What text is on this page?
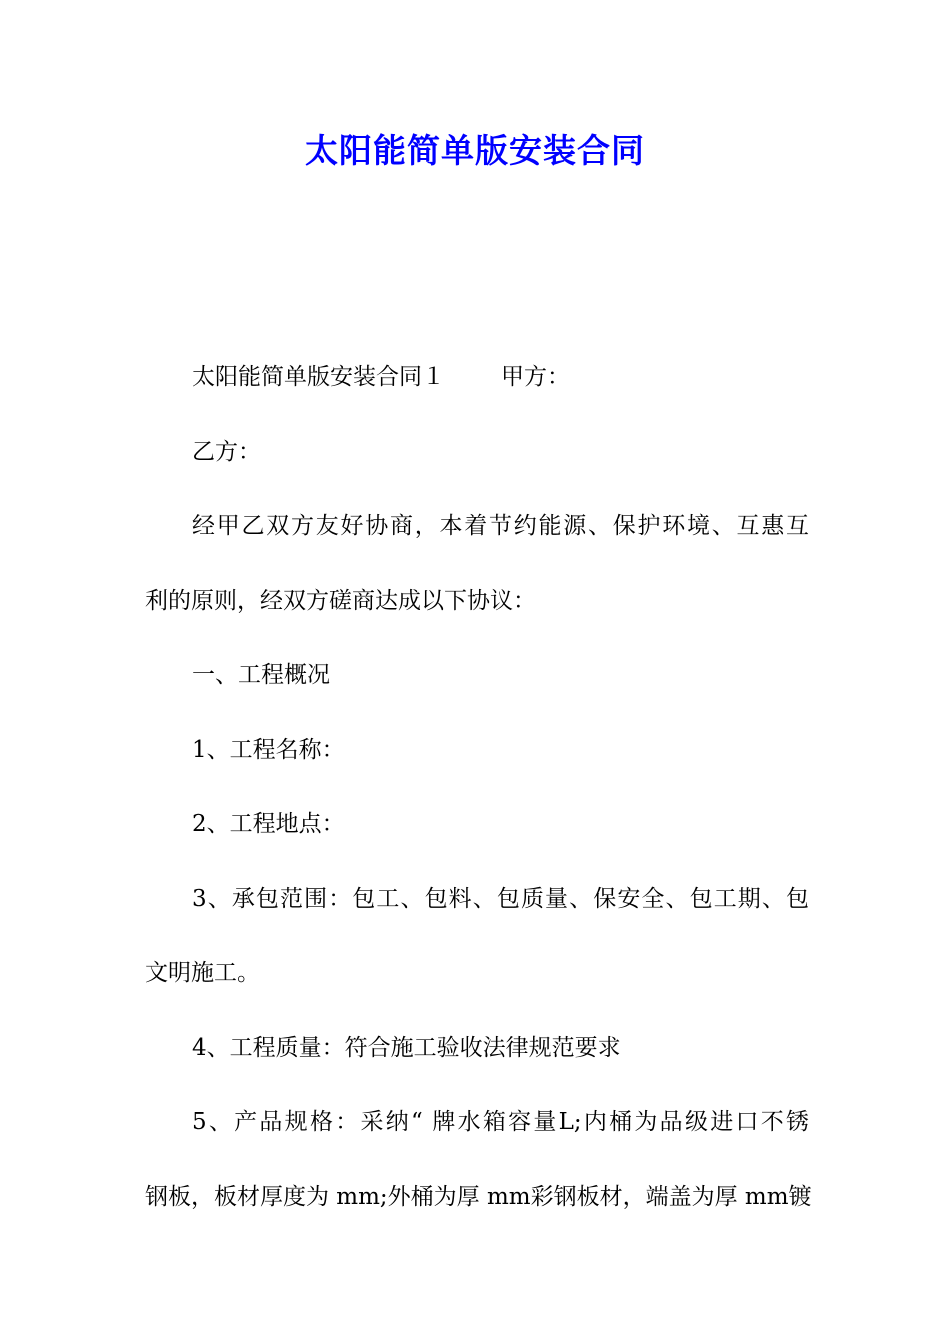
太阳能简单版安装合同
太阳能简单版安装合同１ 甲方：
乙方：
经甲乙双方友好协商，本着节约能源、保护环境、互惠互
利的原则，经双方磋商达成以下协议：
一、工程概况
1、工程名称：
2、工程地点：
3、承包范围：包工、包料、包质量、保安全、包工期、包
文明施工。
4、工程质量：符合施工验收法律规范要求
5、产品规格：采纳“ 牌水箱容量L;内桶为品级进口不锈
钢板，板材厚度为 mm;外桶为厚 mm彩钢板材，端盖为厚 mm镀
